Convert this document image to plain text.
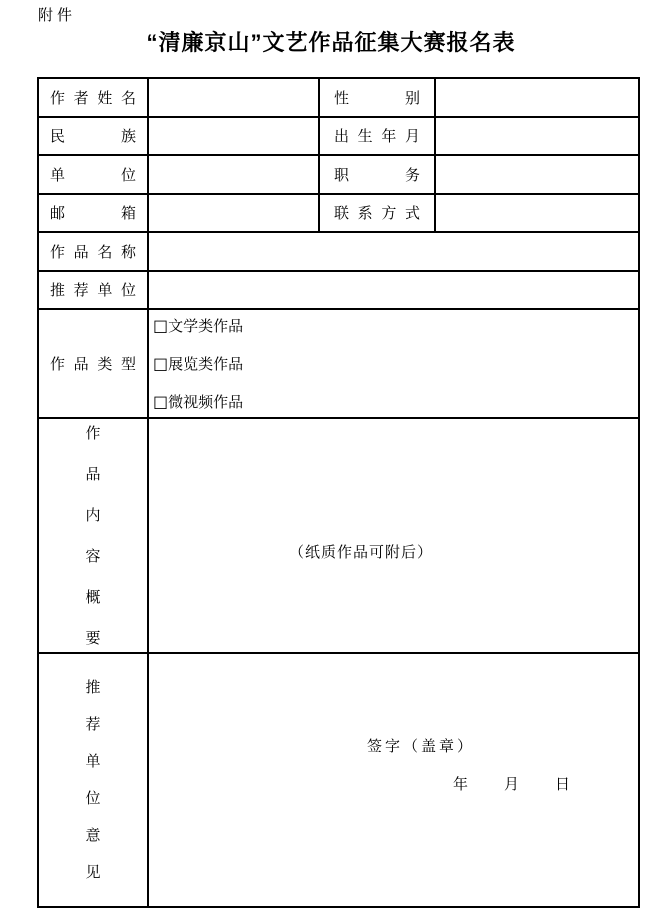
附件
“清廉京山”文艺作品征集大赛报名表
作者姓名		性别	
民族		出生年月	
单位		职务	
邮箱		联系方式	
作品名称			
推荐单位			
作品类型	□文学类作品
□展览类作品
□微视频作品		

作
品
内
容
概
要
	（纸质作品可附后）

推
荐
单
位
意
见

签字（盖章）
年　　月　　日
